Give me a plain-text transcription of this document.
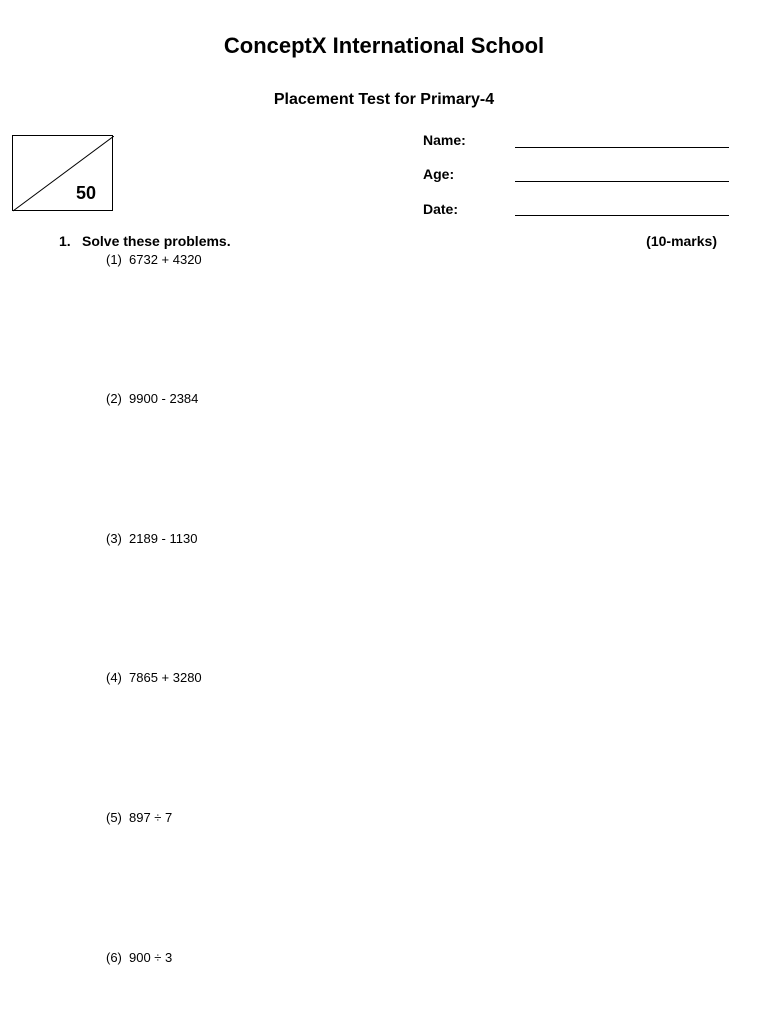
ConceptX International School
Placement Test for Primary-4
50
Name:
Age:
Date:
1. Solve these problems.	(10-marks)
(1) 6732 + 4320
(2) 9900 - 2384
(3) 2189 - 1130
(4) 7865 + 3280
(5) 897 ÷ 7
(6) 900 ÷ 3
